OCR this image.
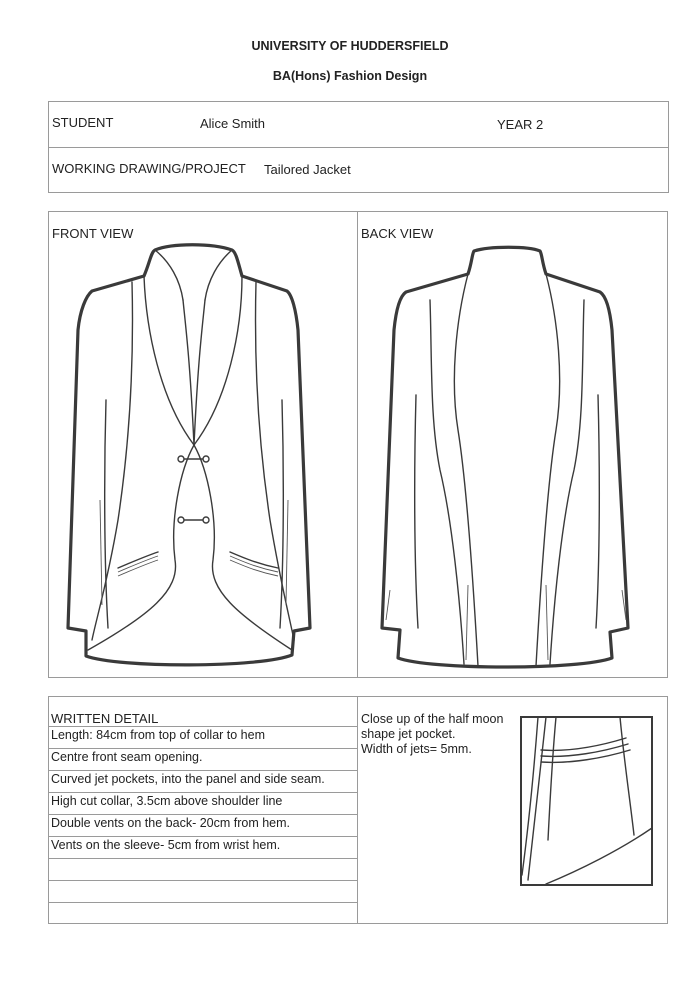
UNIVERSITY OF HUDDERSFIELD
BA(Hons) Fashion Design
STUDENT	Alice Smith	YEAR 2
WORKING DRAWING/PROJECT Tailored Jacket
FRONT VIEW	BACK VIEW
WRITTEN DETAIL
Length: 84cm from top of collar to hem
Centre front seam opening.
Curved jet pockets, into the panel and side seam.
High cut collar, 3.5cm above shoulder line
Double vents on the back- 20cm from hem.
Vents on the sleeve- 5cm from wrist hem.
Close up of the half moon
shape jet pocket.
Width of jets= 5mm.
